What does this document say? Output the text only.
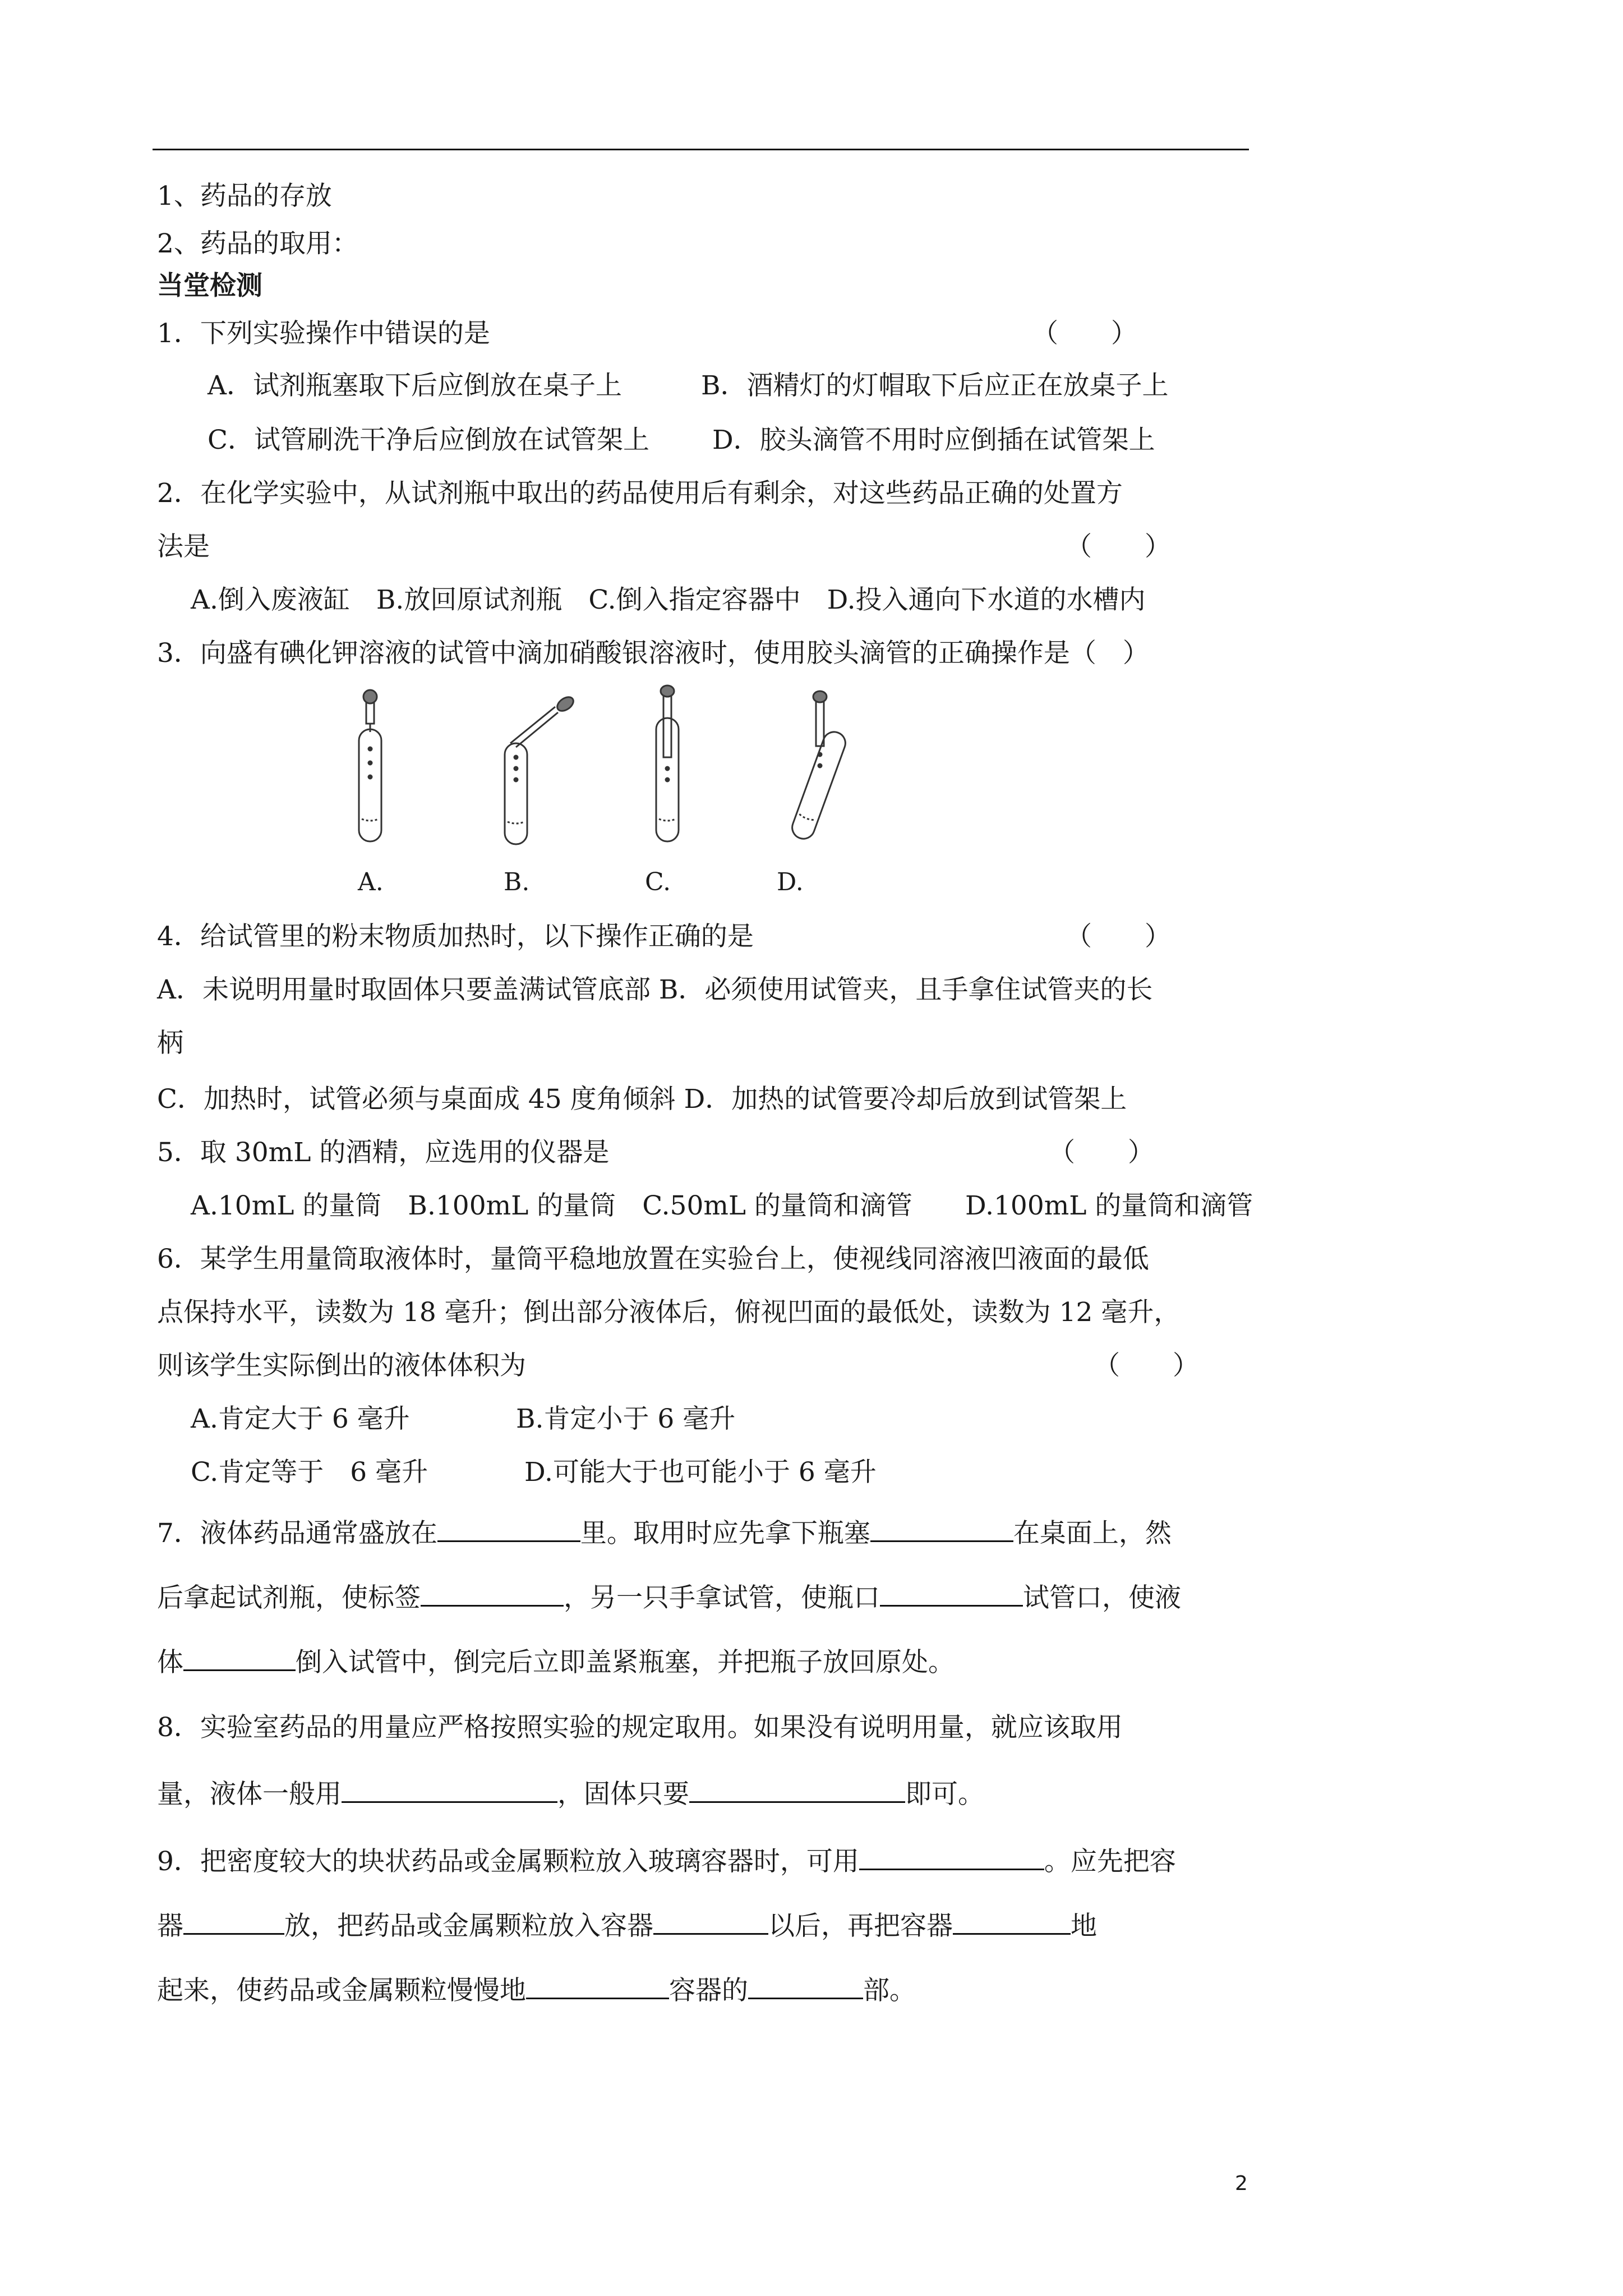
1、药品的存放
2、药品的取用：
当堂检测
1．下列实验操作中错误的是	（　　）
A．试剂瓶塞取下后应倒放在桌子上	B．酒精灯的灯帽取下后应正在放桌子上
C．试管刷洗干净后应倒放在试管架上 D．胶头滴管不用时应倒插在试管架上
2．在化学实验中，从试剂瓶中取出的药品使用后有剩余，对这些药品正确的处置方
法是	（　　）
A.倒入废液缸　B.放回原试剂瓶　C.倒入指定容器中　D.投入通向下水道的水槽内
3．向盛有碘化钾溶液的试管中滴加硝酸银溶液时，使用胶头滴管的正确操作是（　）
A.	B.	C.	D.
4．给试管里的粉末物质加热时，以下操作正确的是	（　　）
A．未说明用量时取固体只要盖满试管底部 B．必须使用试管夹，且手拿住试管夹的长
柄
C．加热时，试管必须与桌面成 45 度角倾斜 D．加热的试管要冷却后放到试管架上
5．取 30mL 的酒精，应选用的仪器是	（　　）
A.10mL 的量筒　B.100mL 的量筒　C.50mL 的量筒和滴管　　D.100mL 的量筒和滴管
6．某学生用量筒取液体时，量筒平稳地放置在实验台上，使视线同溶液凹液面的最低
点保持水平，读数为 18 毫升；倒出部分液体后，俯视凹面的最低处，读数为 12 毫升，
则该学生实际倒出的液体体积为	（　　）
A.肯定大于 6 毫升	B.肯定小于 6 毫升
C.肯定等于　6 毫升	D.可能大于也可能小于 6 毫升
7．液体药品通常盛放在	里。取用时应先拿下瓶塞	在桌面上，然
后拿起试剂瓶，使标签	，另一只手拿试管，使瓶口	试管口，使液
体	倒入试管中，倒完后立即盖紧瓶塞，并把瓶子放回原处。
8．实验室药品的用量应严格按照实验的规定取用。如果没有说明用量，就应该取用
量，液体一般用	，固体只要	即可。
9．把密度较大的块状药品或金属颗粒放入玻璃容器时，可用	。应先把容
器	放，把药品或金属颗粒放入容器	以后，再把容器	地
起来，使药品或金属颗粒慢慢地	容器的	部。
2
